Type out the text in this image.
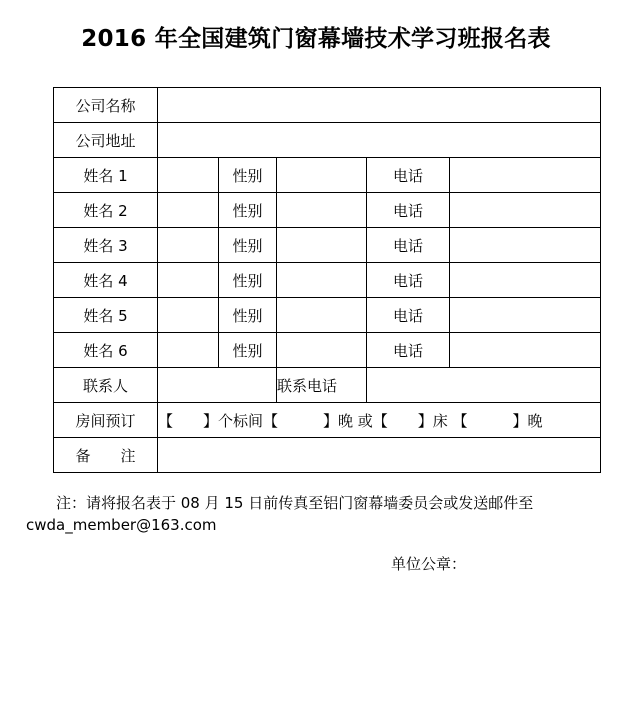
2016 年全国建筑门窗幕墙技术学习班报名表
公司名称					
公司地址					
姓名 1		性别		电话	
姓名 2		性别		电话	
姓名 3		性别		电话	
姓名 4		性别		电话	
姓名 5		性别		电话	
姓名 6		性别		电话	
联系人			联系电话		
房间预订	【　　】个标间【　　　】晚 或【　　】床 【　　　】晚				
备　　注					
注：请将报名表于 08 月 15 日前传真至铝门窗幕墙委员会或发送邮件至
cwda_member@163.com
单位公章：
